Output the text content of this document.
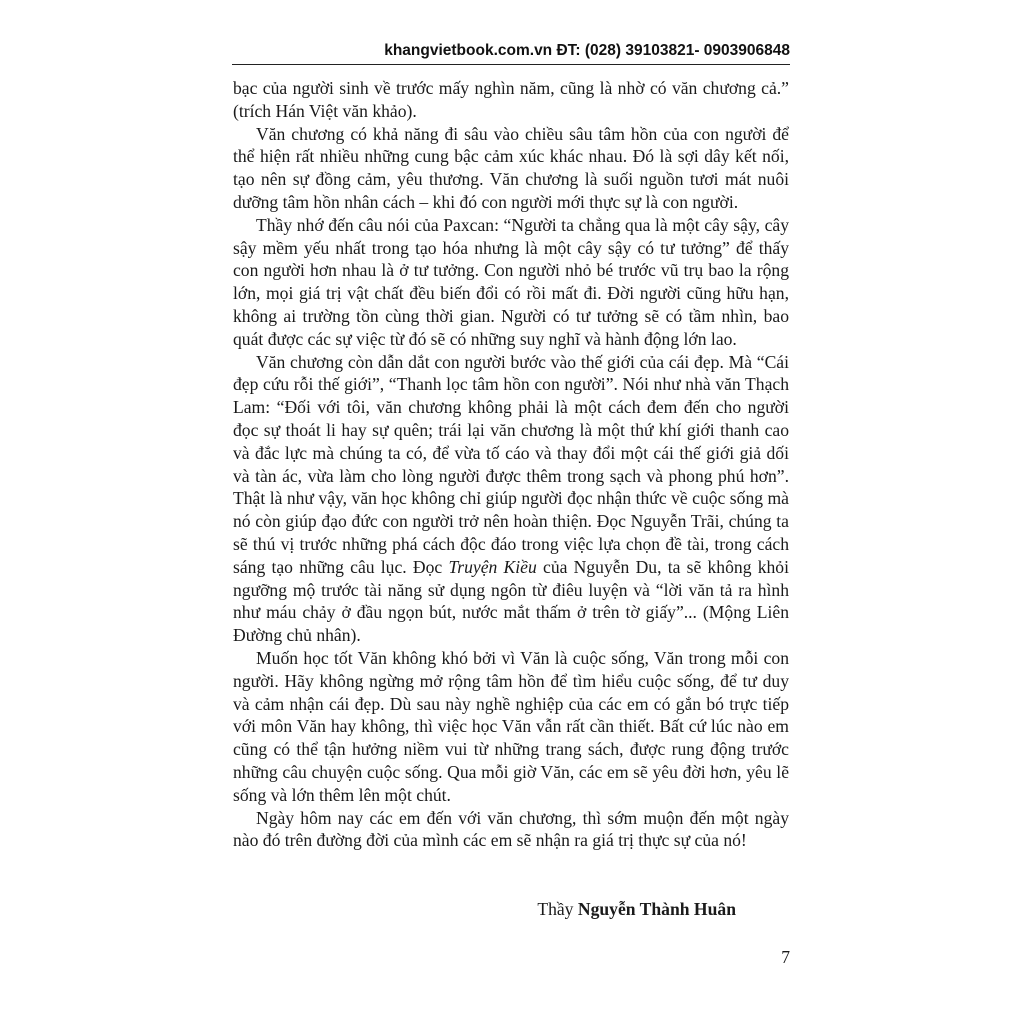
khangvietbook.com.vn ĐT: (028) 39103821- 0903906848

bạc của người sinh về trước mấy nghìn năm, cũng là nhờ có văn chương cả.” (trích Hán Việt văn khảo).

Văn chương có khả năng đi sâu vào chiều sâu tâm hồn của con người để thể hiện rất nhiều những cung bậc cảm xúc khác nhau. Đó là sợi dây kết nối, tạo nên sự đồng cảm, yêu thương. Văn chương là suối nguồn tươi mát nuôi dưỡng tâm hồn nhân cách – khi đó con người mới thực sự là con người.

Thầy nhớ đến câu nói của Paxcan: “Người ta chẳng qua là một cây sậy, cây sậy mềm yếu nhất trong tạo hóa nhưng là một cây sậy có tư tưởng” để thấy con người hơn nhau là ở tư tưởng. Con người nhỏ bé trước vũ trụ bao la rộng lớn, mọi giá trị vật chất đều biến đổi có rồi mất đi. Đời người cũng hữu hạn, không ai trường tồn cùng thời gian. Người có tư tưởng sẽ có tầm nhìn, bao quát được các sự việc từ đó sẽ có những suy nghĩ và hành động lớn lao.

Văn chương còn dẫn dắt con người bước vào thế giới của cái đẹp. Mà “Cái đẹp cứu rỗi thế giới”, “Thanh lọc tâm hồn con người”. Nói như nhà văn Thạch Lam: “Đối với tôi, văn chương không phải là một cách đem đến cho người đọc sự thoát li hay sự quên; trái lại văn chương là một thứ khí giới thanh cao và đắc lực mà chúng ta có, để vừa tố cáo và thay đổi một cái thế giới giả dối và tàn ác, vừa làm cho lòng người được thêm trong sạch và phong phú hơn”. Thật là như vậy, văn học không chỉ giúp người đọc nhận thức về cuộc sống mà nó còn giúp đạo đức con người trở nên hoàn thiện. Đọc Nguyễn Trãi, chúng ta sẽ thú vị trước những phá cách độc đáo trong việc lựa chọn đề tài, trong cách sáng tạo những câu lục. Đọc Truyện Kiều của Nguyễn Du, ta sẽ không khỏi ngưỡng mộ trước tài năng sử dụng ngôn từ điêu luyện và “lời văn tả ra hình như máu chảy ở đầu ngọn bút, nước mắt thấm ở trên tờ giấy”... (Mộng Liên Đường chủ nhân).

Muốn học tốt Văn không khó bởi vì Văn là cuộc sống, Văn trong mỗi con người. Hãy không ngừng mở rộng tâm hồn để tìm hiểu cuộc sống, để tư duy và cảm nhận cái đẹp. Dù sau này nghề nghiệp của các em có gắn bó trực tiếp với môn Văn hay không, thì việc học Văn vẫn rất cần thiết. Bất cứ lúc nào em cũng có thể tận hưởng niềm vui từ những trang sách, được rung động trước những câu chuyện cuộc sống. Qua mỗi giờ Văn, các em sẽ yêu đời hơn, yêu lẽ sống và lớn thêm lên một chút.

Ngày hôm nay các em đến với văn chương, thì sớm muộn đến một ngày nào đó trên đường đời của mình các em sẽ nhận ra giá trị thực sự của nó!

Thầy Nguyễn Thành Huân
7
